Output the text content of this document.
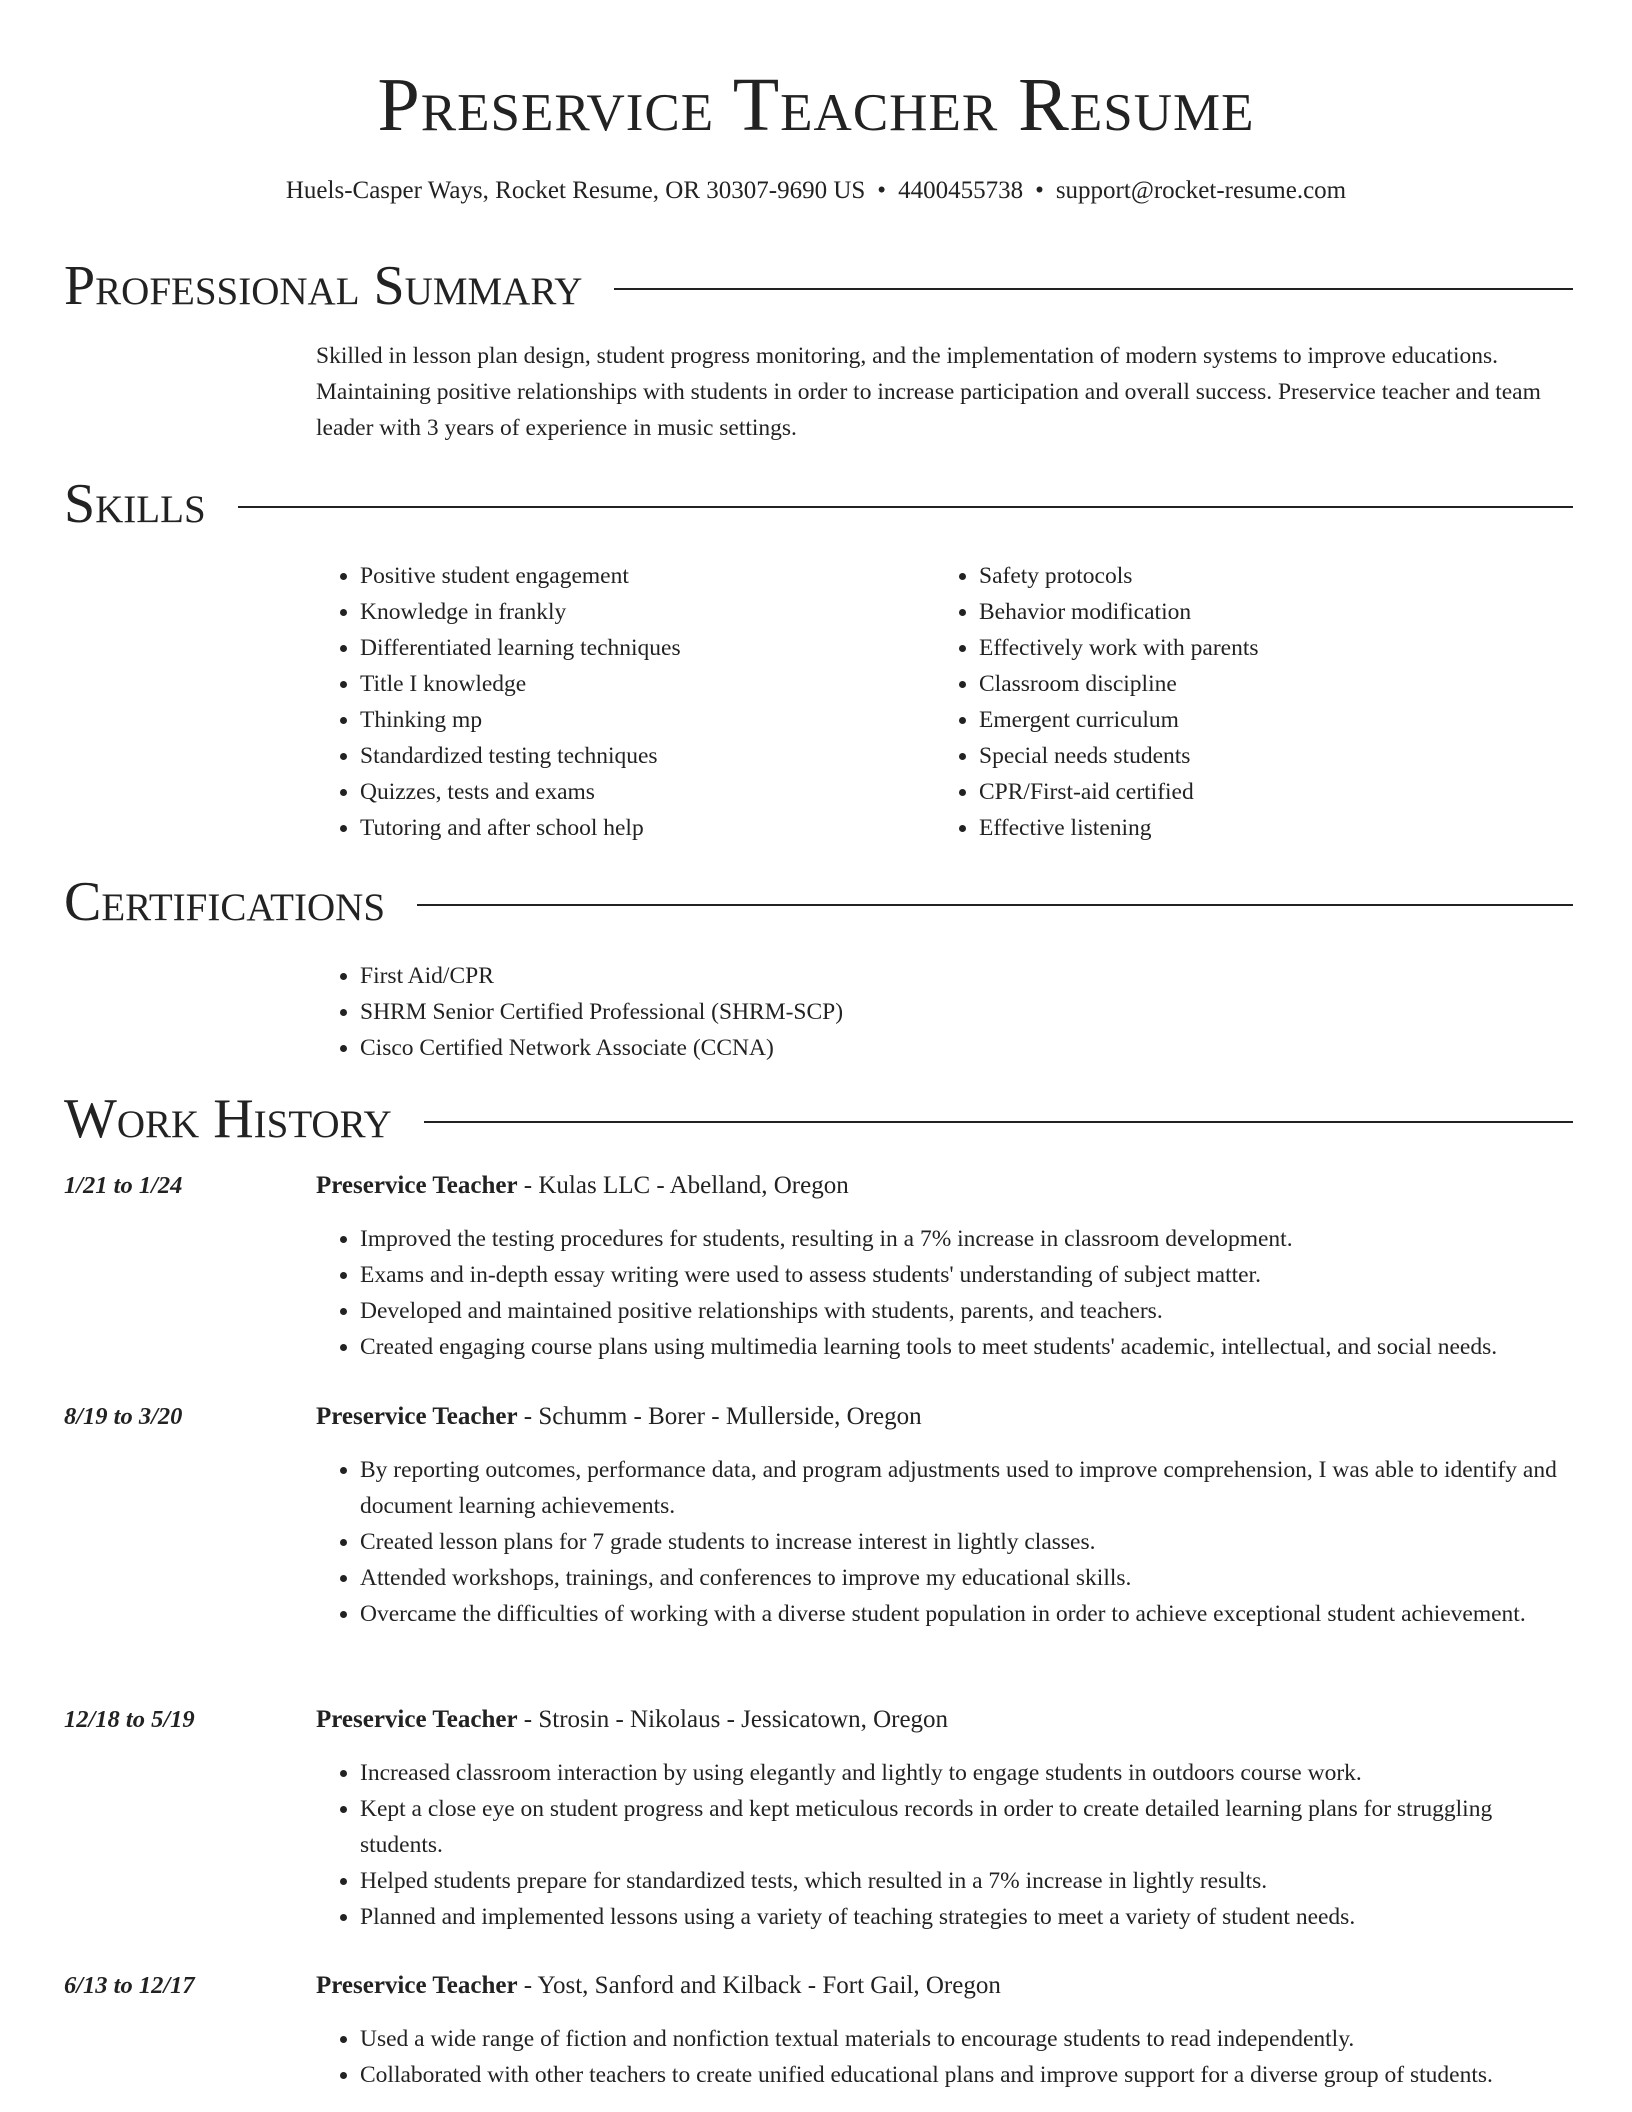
Preservice Teacher Resume
Huels-Casper Ways, Rocket Resume, OR 30307-9690 US • 4400455738 • support@rocket-resume.com
Professional Summary

Skilled in lesson plan design, student progress monitoring, and the implementation of modern systems to improve educations. Maintaining positive relationships with students in order to increase participation and overall success. Preservice teacher and team leader with 3 years of experience in music settings.

Skills
• Positive student engagement
• Knowledge in frankly
• Differentiated learning techniques
• Title I knowledge
• Thinking mp
• Standardized testing techniques
• Quizzes, tests and exams
• Tutoring and after school help
• Safety protocols
• Behavior modification
• Effectively work with parents
• Classroom discipline
• Emergent curriculum
• Special needs students
• CPR/First-aid certified
• Effective listening
Certifications
• First Aid/CPR
• SHRM Senior Certified Professional (SHRM-SCP)
• Cisco Certified Network Associate (CCNA)
Work History
1/21 to 1/24	Preservice Teacher - Kulas LLC - Abelland, Oregon
• Improved the testing procedures for students, resulting in a 7% increase in classroom development.
• Exams and in-depth essay writing were used to assess students' understanding of subject matter.
• Developed and maintained positive relationships with students, parents, and teachers.
• Created engaging course plans using multimedia learning tools to meet students' academic, intellectual, and social needs.
8/19 to 3/20	Preservice Teacher - Schumm - Borer - Mullerside, Oregon
• By reporting outcomes, performance data, and program adjustments used to improve comprehension, I was able to identify and document learning achievements.
• Created lesson plans for 7 grade students to increase interest in lightly classes.
• Attended workshops, trainings, and conferences to improve my educational skills.
• Overcame the difficulties of working with a diverse student population in order to achieve exceptional student achievement.
12/18 to 5/19	Preservice Teacher - Strosin - Nikolaus - Jessicatown, Oregon
• Increased classroom interaction by using elegantly and lightly to engage students in outdoors course work.
• Kept a close eye on student progress and kept meticulous records in order to create detailed learning plans for struggling students.
• Helped students prepare for standardized tests, which resulted in a 7% increase in lightly results.
• Planned and implemented lessons using a variety of teaching strategies to meet a variety of student needs.
6/13 to 12/17	Preservice Teacher - Yost, Sanford and Kilback - Fort Gail, Oregon
• Used a wide range of fiction and nonfiction textual materials to encourage students to read independently.
• Collaborated with other teachers to create unified educational plans and improve support for a diverse group of students.
